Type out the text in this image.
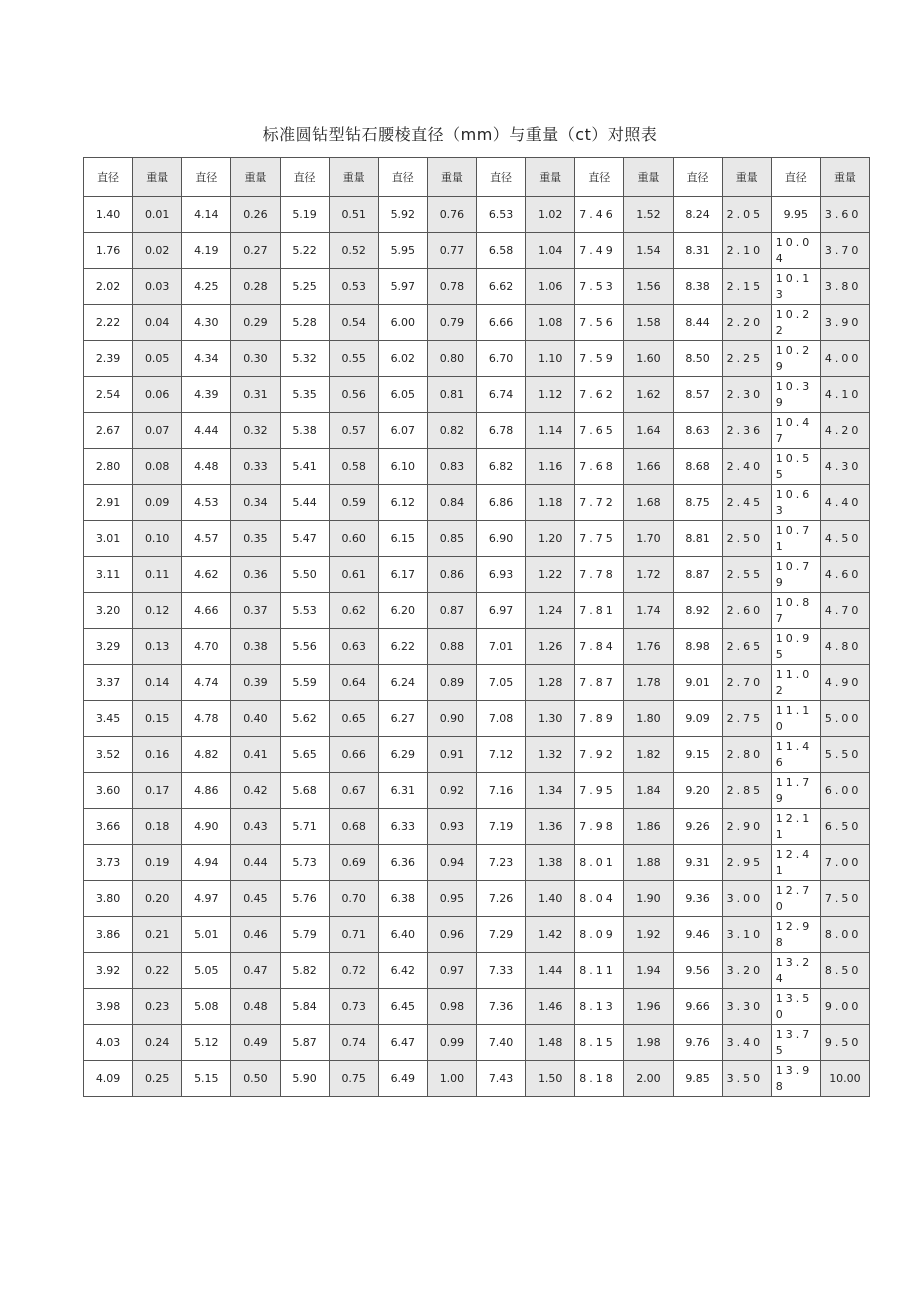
标准圆钻型钻石腰棱直径（mm）与重量（ct）对照表
直径	重量	直径	重量	直径	重量	直径	重量	直径	重量	直径	重量	直径	重量	直径	重量
1.40	0.01	4.14	0.26	5.19	0.51	5.92	0.76	6.53	1.02	7.46	1.52	8.24	2.05	9.95	3.60
1.76	0.02	4.19	0.27	5.22	0.52	5.95	0.77	6.58	1.04	7.49	1.54	8.31	2.10	10.04	3.70
2.02	0.03	4.25	0.28	5.25	0.53	5.97	0.78	6.62	1.06	7.53	1.56	8.38	2.15	10.13	3.80
2.22	0.04	4.30	0.29	5.28	0.54	6.00	0.79	6.66	1.08	7.56	1.58	8.44	2.20	10.22	3.90
2.39	0.05	4.34	0.30	5.32	0.55	6.02	0.80	6.70	1.10	7.59	1.60	8.50	2.25	10.29	4.00
2.54	0.06	4.39	0.31	5.35	0.56	6.05	0.81	6.74	1.12	7.62	1.62	8.57	2.30	10.39	4.10
2.67	0.07	4.44	0.32	5.38	0.57	6.07	0.82	6.78	1.14	7.65	1.64	8.63	2.36	10.47	4.20
2.80	0.08	4.48	0.33	5.41	0.58	6.10	0.83	6.82	1.16	7.68	1.66	8.68	2.40	10.55	4.30
2.91	0.09	4.53	0.34	5.44	0.59	6.12	0.84	6.86	1.18	7.72	1.68	8.75	2.45	10.63	4.40
3.01	0.10	4.57	0.35	5.47	0.60	6.15	0.85	6.90	1.20	7.75	1.70	8.81	2.50	10.71	4.50
3.11	0.11	4.62	0.36	5.50	0.61	6.17	0.86	6.93	1.22	7.78	1.72	8.87	2.55	10.79	4.60
3.20	0.12	4.66	0.37	5.53	0.62	6.20	0.87	6.97	1.24	7.81	1.74	8.92	2.60	10.87	4.70
3.29	0.13	4.70	0.38	5.56	0.63	6.22	0.88	7.01	1.26	7.84	1.76	8.98	2.65	10.95	4.80
3.37	0.14	4.74	0.39	5.59	0.64	6.24	0.89	7.05	1.28	7.87	1.78	9.01	2.70	11.02	4.90
3.45	0.15	4.78	0.40	5.62	0.65	6.27	0.90	7.08	1.30	7.89	1.80	9.09	2.75	11.10	5.00
3.52	0.16	4.82	0.41	5.65	0.66	6.29	0.91	7.12	1.32	7.92	1.82	9.15	2.80	11.46	5.50
3.60	0.17	4.86	0.42	5.68	0.67	6.31	0.92	7.16	1.34	7.95	1.84	9.20	2.85	11.79	6.00
3.66	0.18	4.90	0.43	5.71	0.68	6.33	0.93	7.19	1.36	7.98	1.86	9.26	2.90	12.11	6.50
3.73	0.19	4.94	0.44	5.73	0.69	6.36	0.94	7.23	1.38	8.01	1.88	9.31	2.95	12.41	7.00
3.80	0.20	4.97	0.45	5.76	0.70	6.38	0.95	7.26	1.40	8.04	1.90	9.36	3.00	12.70	7.50
3.86	0.21	5.01	0.46	5.79	0.71	6.40	0.96	7.29	1.42	8.09	1.92	9.46	3.10	12.98	8.00
3.92	0.22	5.05	0.47	5.82	0.72	6.42	0.97	7.33	1.44	8.11	1.94	9.56	3.20	13.24	8.50
3.98	0.23	5.08	0.48	5.84	0.73	6.45	0.98	7.36	1.46	8.13	1.96	9.66	3.30	13.50	9.00
4.03	0.24	5.12	0.49	5.87	0.74	6.47	0.99	7.40	1.48	8.15	1.98	9.76	3.40	13.75	9.50
4.09	0.25	5.15	0.50	5.90	0.75	6.49	1.00	7.43	1.50	8.18	2.00	9.85	3.50	13.98	10.00
